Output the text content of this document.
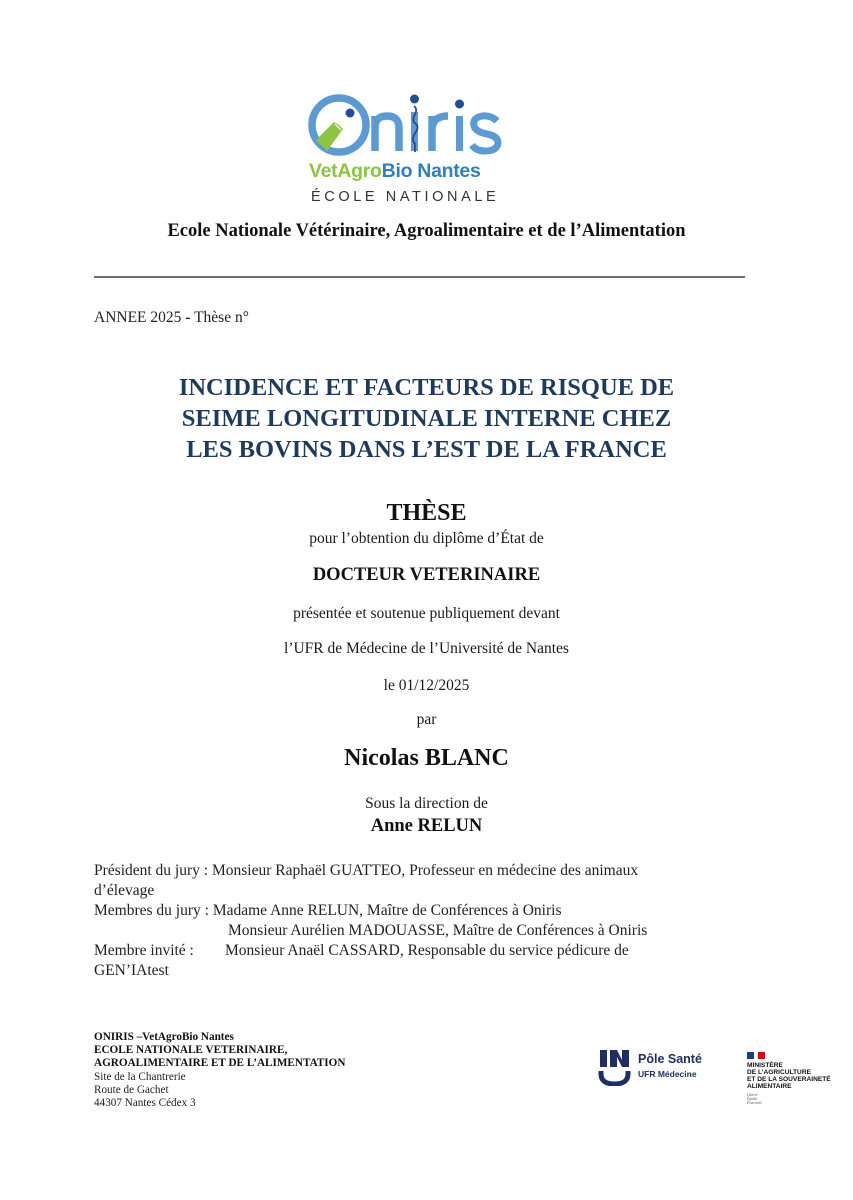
VetAgroBio Nantes
ÉCOLE NATIONALE
Ecole Nationale Vétérinaire, Agroalimentaire et de l’Alimentation
ANNEE 2025 - Thèse n°
INCIDENCE ET FACTEURS DE RISQUE DE
SEIME LONGITUDINALE INTERNE CHEZ
LES BOVINS DANS L’EST DE LA FRANCE
THÈSE
pour l’obtention du diplôme d’État de
DOCTEUR VETERINAIRE
présentée et soutenue publiquement devant
l’UFR de Médecine de l’Université de Nantes
le 01/12/2025
par
Nicolas BLANC
Sous la direction de
Anne RELUN
Président du jury : Monsieur Raphaël GUATTEO, Professeur en médecine des animaux
d’élevage
Membres du jury : Madame Anne RELUN, Maître de Conférences à Oniris
Monsieur Aurélien MADOUASSE, Maître de Conférences à Oniris
Membre invité : Monsieur Anaël CASSARD, Responsable du service pédicure de
GEN’IAtest
ONIRIS –VetAgroBio Nantes
ECOLE NATIONALE VETERINAIRE,
AGROALIMENTAIRE ET DE L’ALIMENTATION
Site de la Chantrerie
Route de Gachet
44307 Nantes Cédex 3
Pôle Santé
UFR Médecine
MINISTÈRE
DE L’AGRICULTURE
ET DE LA SOUVERAINETÉ
ALIMENTAIRE
Liberté
Égalité
Fraternité
